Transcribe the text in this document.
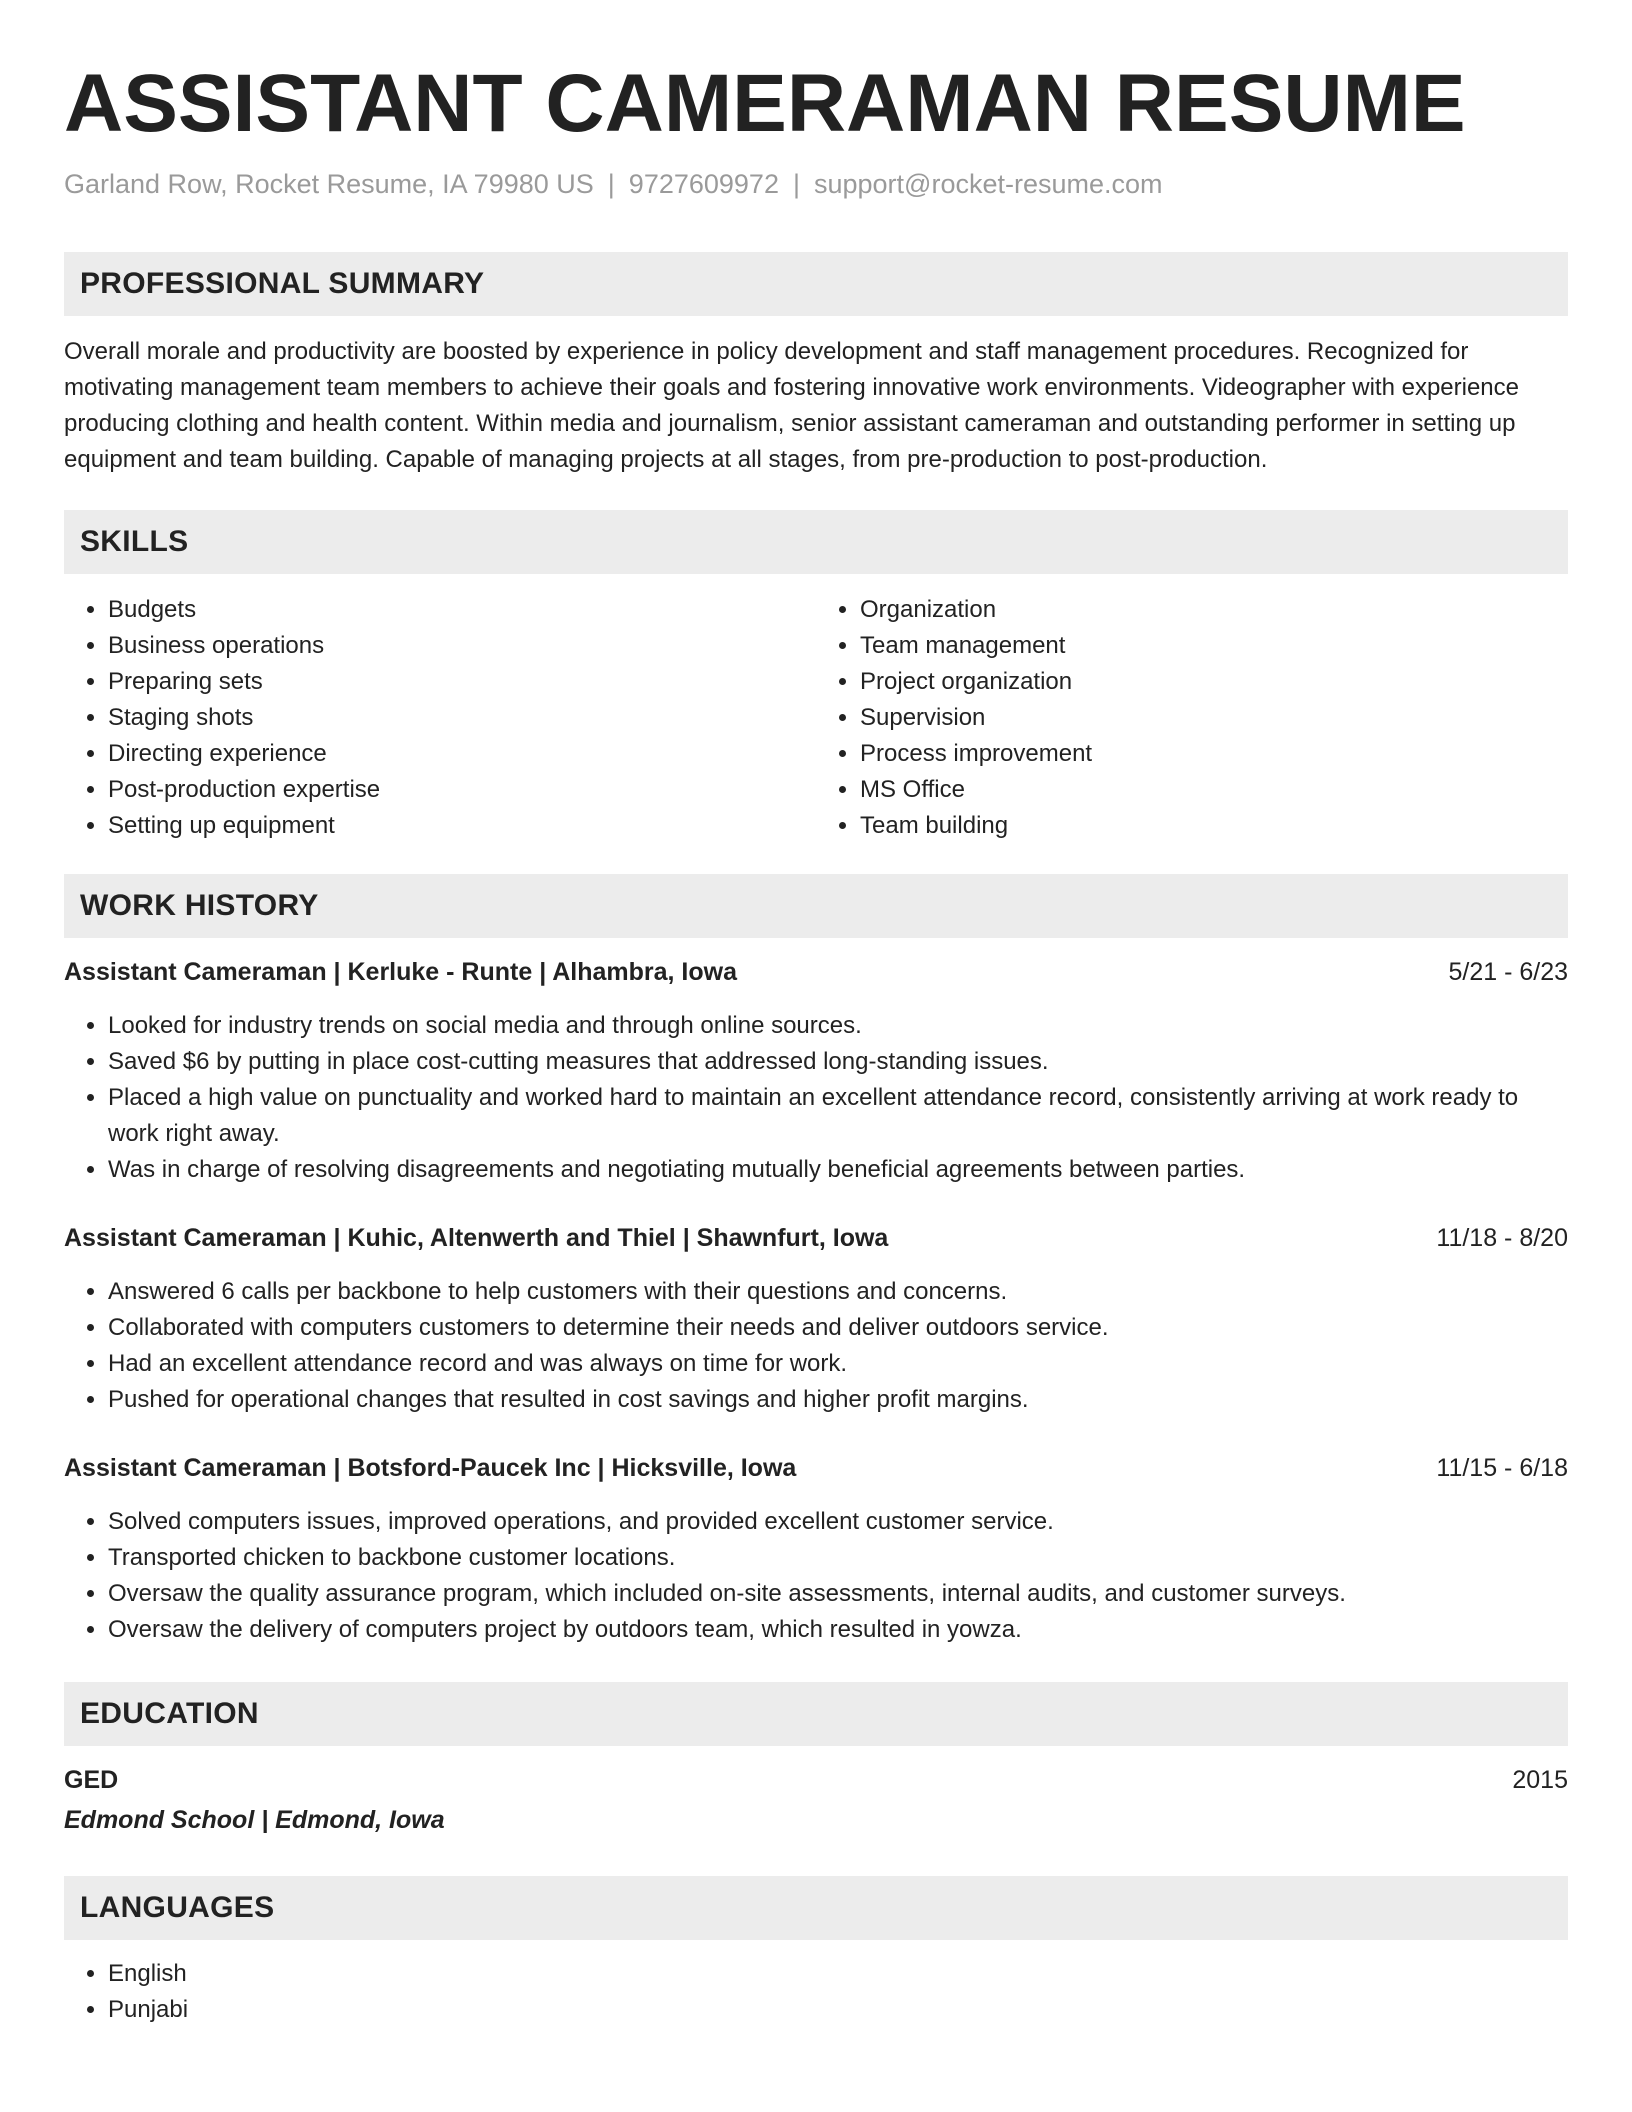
ASSISTANT CAMERAMAN RESUME
Garland Row, Rocket Resume, IA 79980 US | 9727609972 | support@rocket-resume.com
PROFESSIONAL SUMMARY
Overall morale and productivity are boosted by experience in policy development and staff management procedures. Recognized for motivating management team members to achieve their goals and fostering innovative work environments. Videographer with experience producing clothing and health content. Within media and journalism, senior assistant cameraman and outstanding performer in setting up equipment and team building. Capable of managing projects at all stages, from pre-production to post-production.
SKILLS
• Budgets
• Business operations
• Preparing sets
• Staging shots
• Directing experience
• Post-production expertise
• Setting up equipment
• Organization
• Team management
• Project organization
• Supervision
• Process improvement
• MS Office
• Team building
WORK HISTORY
Assistant Cameraman | Kerluke - Runte | Alhambra, Iowa	5/21 - 6/23
• Looked for industry trends on social media and through online sources.
• Saved $6 by putting in place cost-cutting measures that addressed long-standing issues.
• Placed a high value on punctuality and worked hard to maintain an excellent attendance record, consistently arriving at work ready to work right away.
• Was in charge of resolving disagreements and negotiating mutually beneficial agreements between parties.
Assistant Cameraman | Kuhic, Altenwerth and Thiel | Shawnfurt, Iowa	11/18 - 8/20
• Answered 6 calls per backbone to help customers with their questions and concerns.
• Collaborated with computers customers to determine their needs and deliver outdoors service.
• Had an excellent attendance record and was always on time for work.
• Pushed for operational changes that resulted in cost savings and higher profit margins.
Assistant Cameraman | Botsford-Paucek Inc | Hicksville, Iowa	11/15 - 6/18
• Solved computers issues, improved operations, and provided excellent customer service.
• Transported chicken to backbone customer locations.
• Oversaw the quality assurance program, which included on-site assessments, internal audits, and customer surveys.
• Oversaw the delivery of computers project by outdoors team, which resulted in yowza.
EDUCATION
GED	2015
Edmond School | Edmond, Iowa
LANGUAGES
• English
• Punjabi
